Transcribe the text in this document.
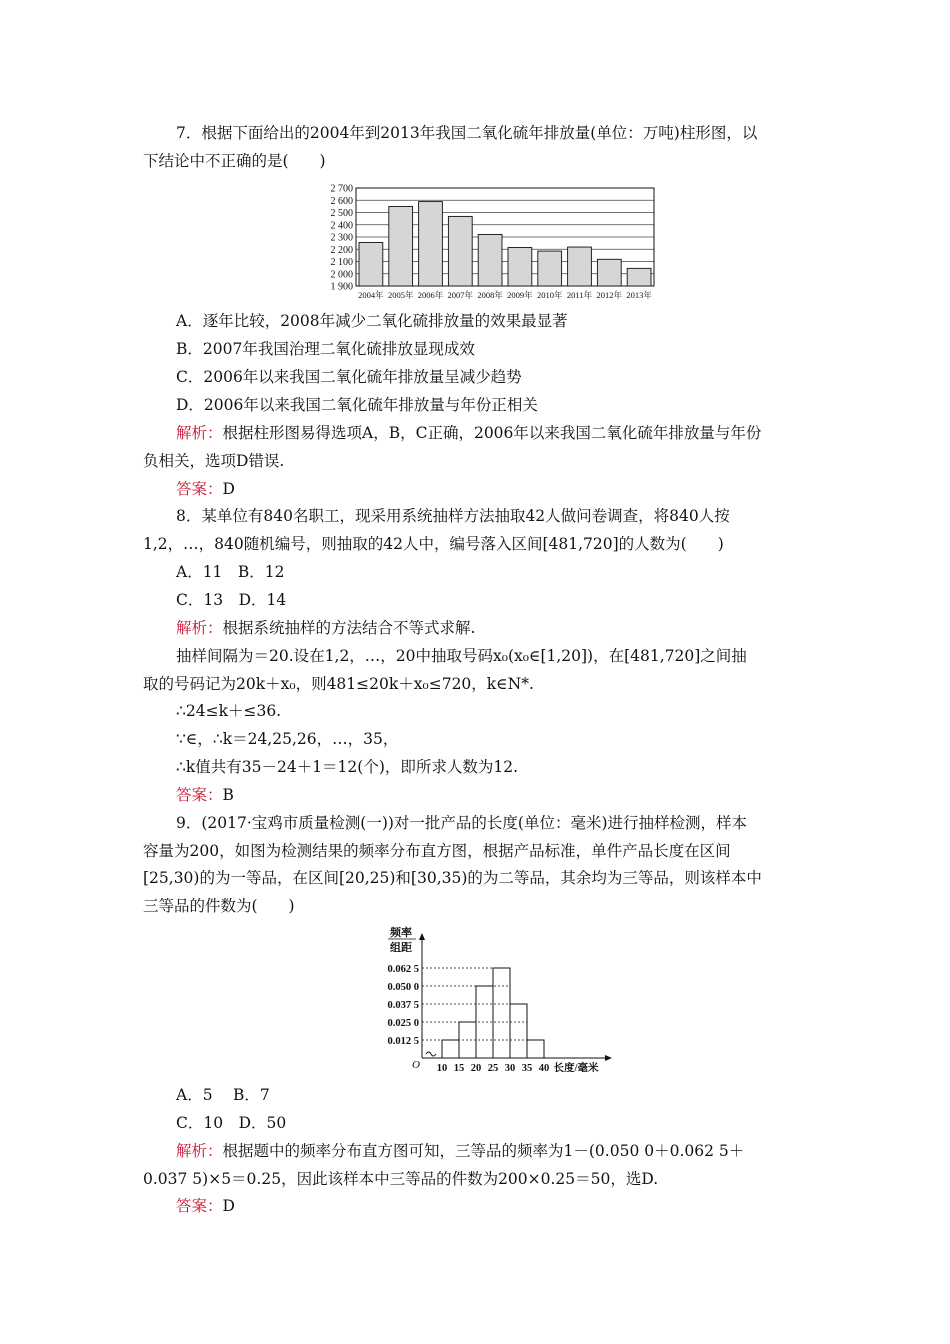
7．根据下面给出的2004年到2013年我国二氧化硫年排放量(单位：万吨)柱形图，以
下结论中不正确的是(　　)
1 900
2 000
2 100
2 200
2 300
2 400
2 500
2 600
2 700
2004年 2005年 2006年 2007年 2008年 2009年 2010年 2011年 2012年 2013年
A．逐年比较，2008年减少二氧化硫排放量的效果最显著
B．2007年我国治理二氧化硫排放显现成效
C．2006年以来我国二氧化硫年排放量呈减少趋势
D．2006年以来我国二氧化硫年排放量与年份正相关
解析：根据柱形图易得选项A，B，C正确，2006年以来我国二氧化硫年排放量与年份
负相关，选项D错误.
答案：D
8．某单位有840名职工，现采用系统抽样方法抽取42人做问卷调查，将840人按
1,2，…，840随机编号，则抽取的42人中，编号落入区间[481,720]的人数为(　　)
A．11　B．12
C．13　D．14
解析：根据系统抽样的方法结合不等式求解.
抽样间隔为＝20.设在1,2，…，20中抽取号码x₀(x₀∈[1,20])，在[481,720]之间抽
取的号码记为20k＋x₀，则481≤20k＋x₀≤720，k∈N*.
∴24≤k＋≤36.
∵∈，∴k＝24,25,26，…，35，
∴k值共有35－24＋1＝12(个)，即所求人数为12.
答案：B
9．(2017·宝鸡市质量检测(一))对一批产品的长度(单位：毫米)进行抽样检测，样本
容量为200，如图为检测结果的频率分布直方图，根据产品标准，单件产品长度在区间
[25,30)的为一等品，在区间[20,25)和[30,35)的为二等品，其余均为三等品，则该样本中
三等品的件数为(　　)
频率
组距
0.062 5
0.050 0
0.037 5
0.025 0
0.012 5
10 15 20 25 30 35 40 长度/毫米
O
A．5　 B．7
C．10　D．50
解析：根据题中的频率分布直方图可知，三等品的频率为1－(0.050 0＋0.062 5＋
0.037 5)×5＝0.25，因此该样本中三等品的件数为200×0.25＝50，选D.
答案：D
